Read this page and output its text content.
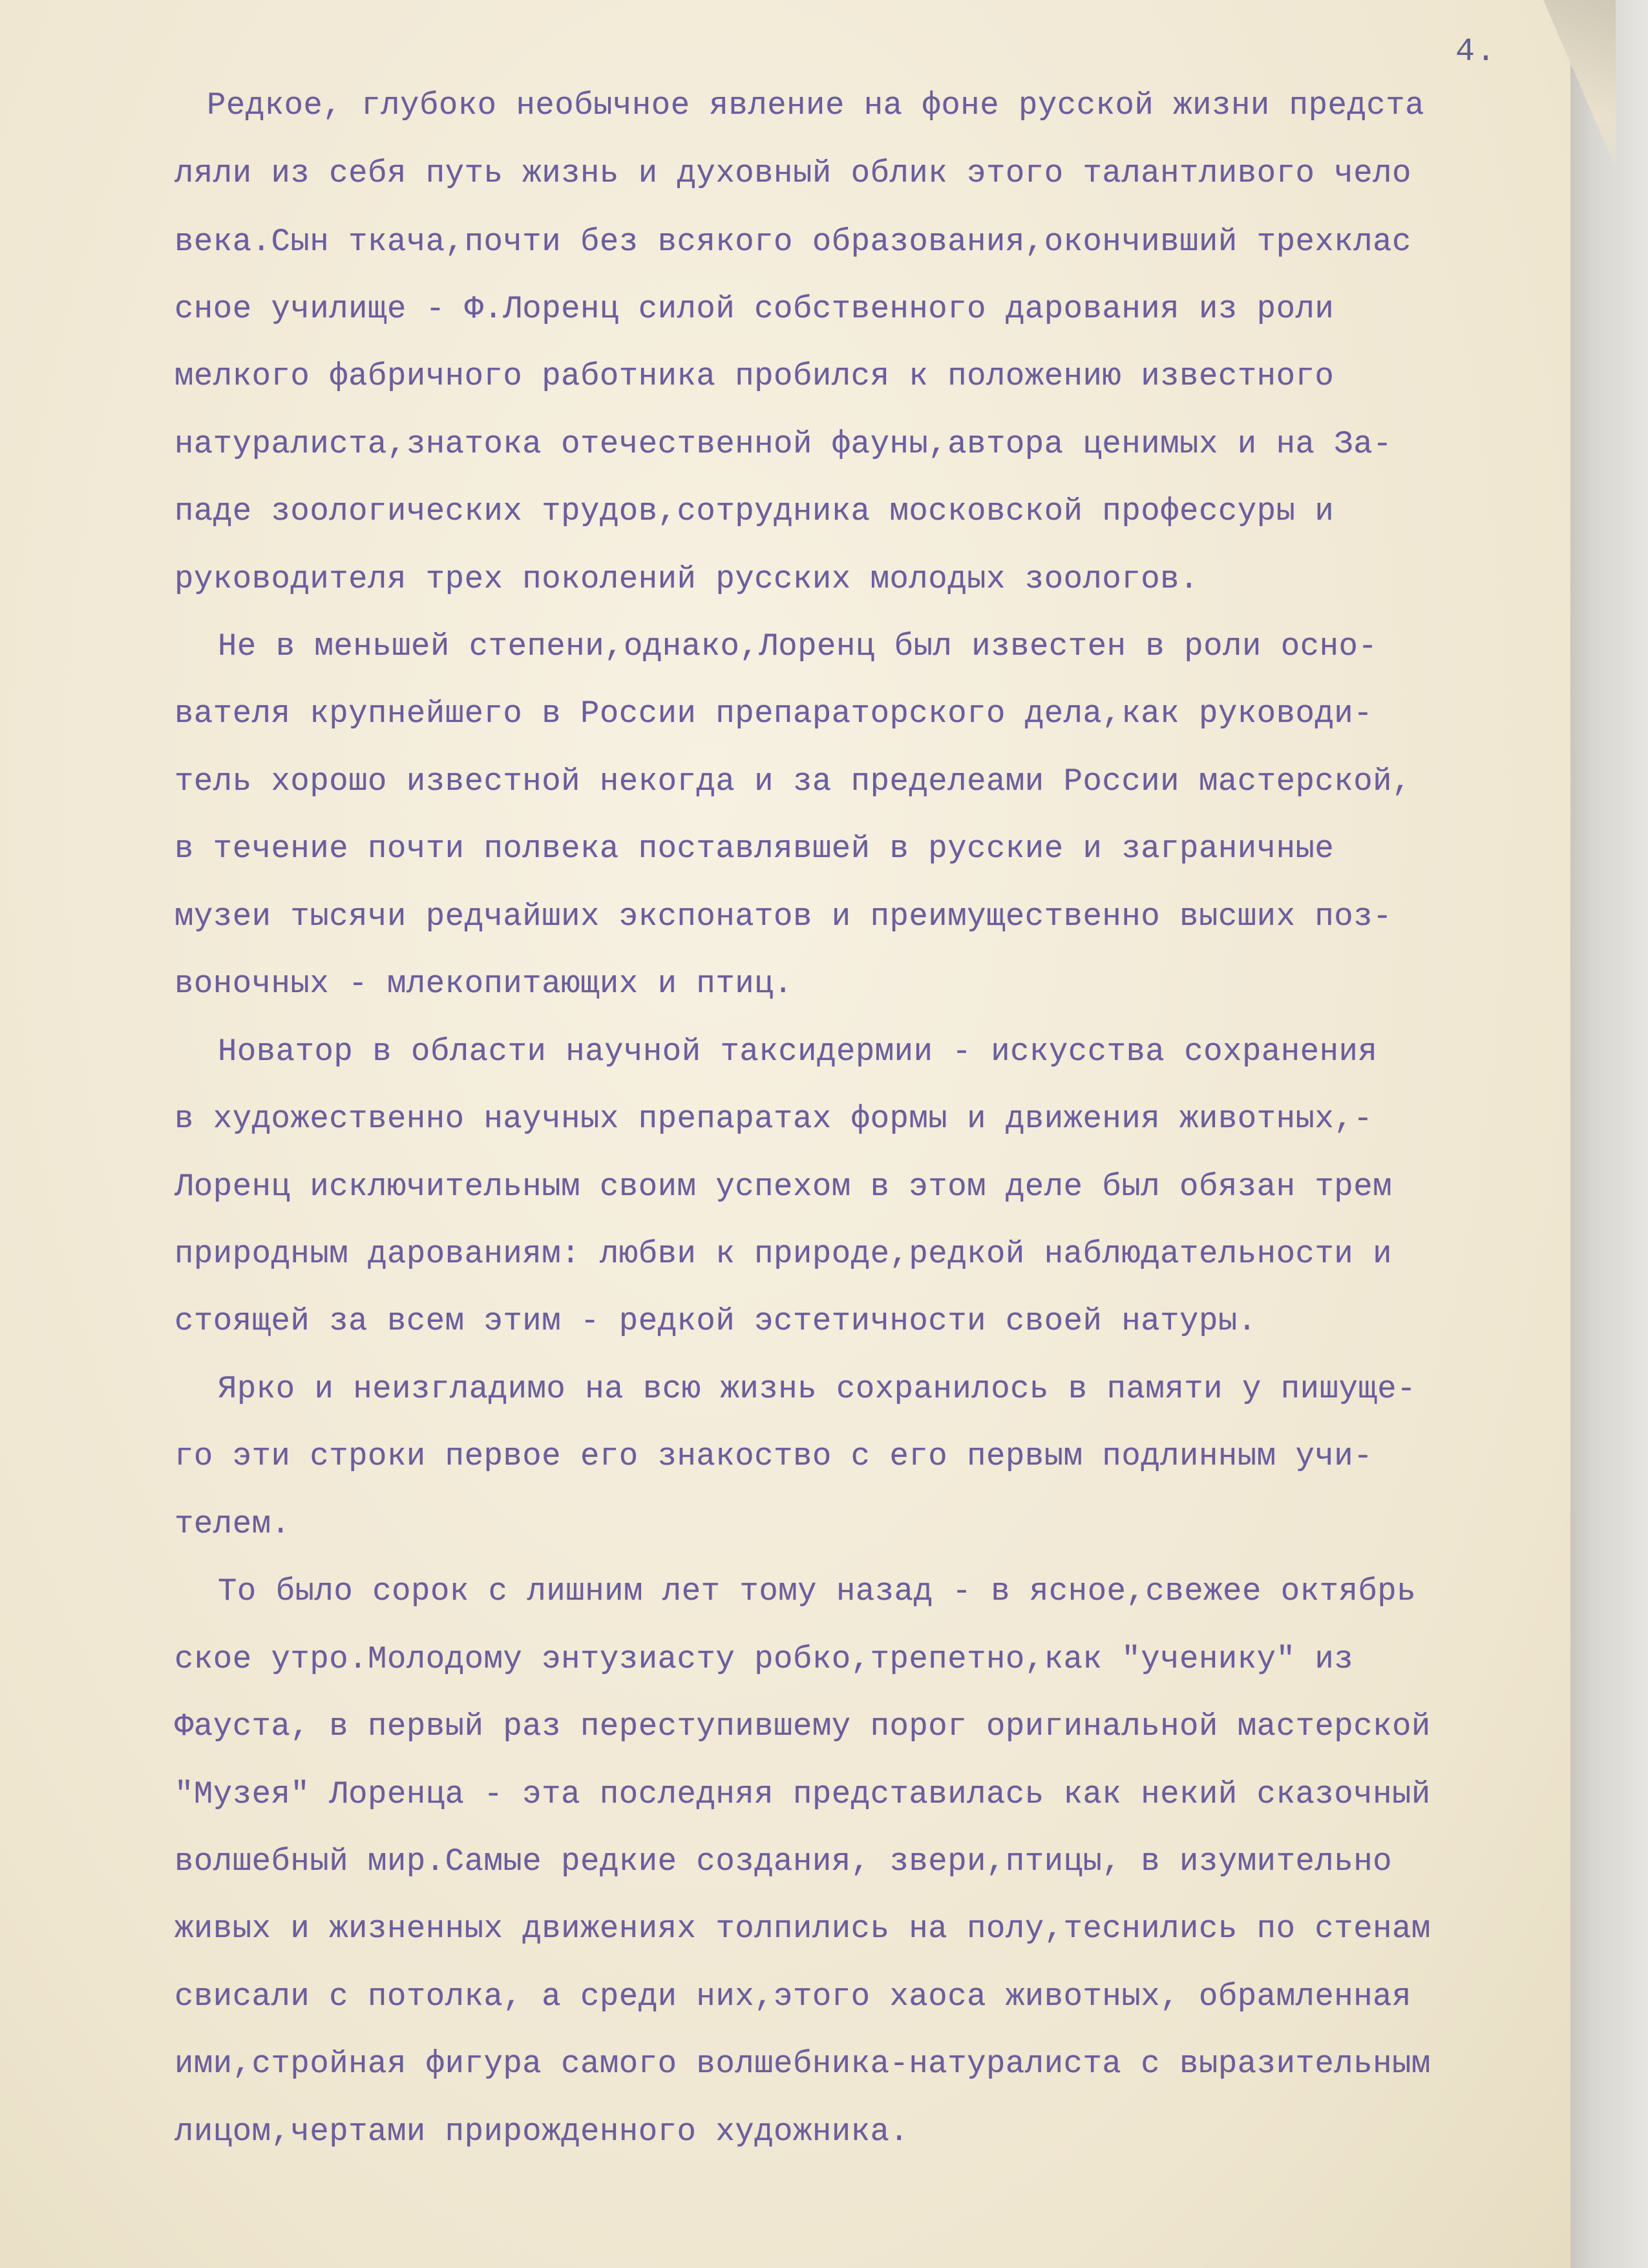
4.
Редкое, глубоко необычное явление на фоне русской жизни предста
ляли из себя путь жизнь и духовный облик этого талантливого чело
века.Сын ткача,почти без всякого образования,окончивший трехклас
сное училище - Ф.Лоренц силой собственного дарования из роли
мелкого фабричного работника пробился к положению известного
натуралиста,знатока отечественной фауны,автора ценимых и на За-
паде зоологических трудов,сотрудника московской профессуры и
руководителя трех поколений русских молодых зоологов.
Не в меньшей степени,однако,Лоренц был известен в роли осно-
вателя крупнейшего в России препараторского дела,как руководи-
тель хорошо известной некогда и за пределеами России мастерской,
в течение почти полвека поставлявшей в русские и заграничные
музеи тысячи редчайших экспонатов и преимущественно высших поз-
воночных - млекопитающих и птиц.
Новатор в области научной таксидермии - искусства сохранения
в художественно научных препаратах формы и движения животных,-
Лоренц исключительным своим успехом в этом деле был обязан трем
природным дарованиям: любви к природе,редкой наблюдательности и
стоящей за всем этим - редкой эстетичности своей натуры.
Ярко и неизгладимо на всю жизнь сохранилось в памяти у пишуще-
го эти строки первое его знакоство с его первым подлинным учи-
телем.
То было сорок с лишним лет тому назад - в ясное,свежее октябрь
ское утро.Молодому энтузиасту робко,трепетно,как "ученику" из
Фауста, в первый раз переступившему порог оригинальной мастерской
"Музея" Лоренца - эта последняя представилась как некий сказочный
волшебный мир.Самые редкие создания, звери,птицы, в изумительно
живых и жизненных движениях толпились на полу,теснились по стенам
свисали с потолка, а среди них,этого хаоса животных, обрамленная
ими,стройная фигура самого волшебника-натуралиста с выразительным
лицом,чертами прирожденного художника.
